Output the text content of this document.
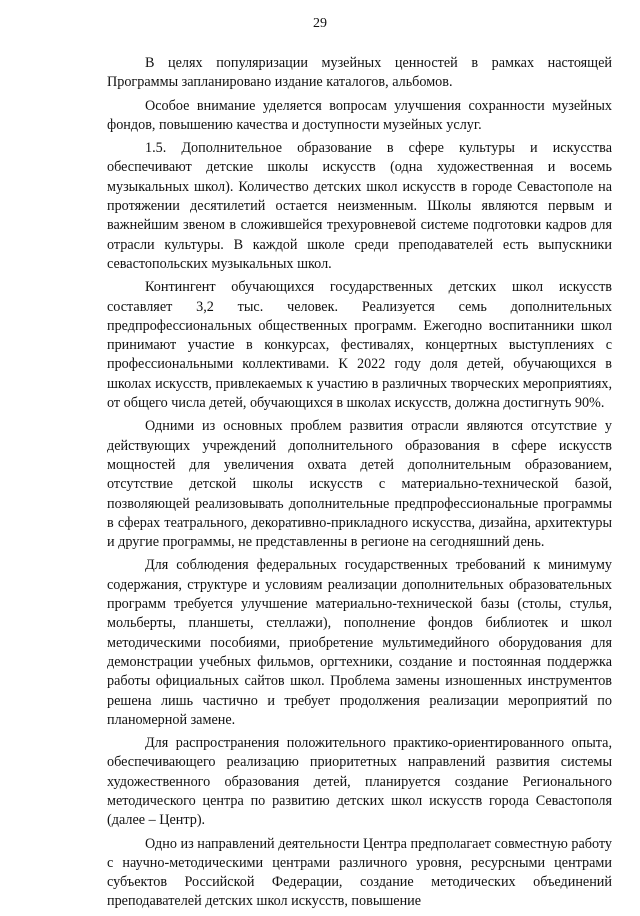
29

В целях популяризации музейных ценностей в рамках настоящей Программы запланировано издание каталогов, альбомов.

Особое внимание уделяется вопросам улучшения сохранности музейных фондов, повышению качества и доступности музейных услуг.

1.5. Дополнительное образование в сфере культуры и искусства обеспечивают детские школы искусств (одна художественная и восемь музыкальных школ). Количество детских школ искусств в городе Севастополе на протяжении десятилетий остается неизменным. Школы являются первым и важнейшим звеном в сложившейся трехуровневой системе подготовки кадров для отрасли культуры. В каждой школе среди преподавателей есть выпускники севастопольских музыкальных школ.

Контингент обучающихся государственных детских школ искусств составляет 3,2 тыс. человек. Реализуется семь дополнительных предпрофессиональных общественных программ. Ежегодно воспитанники школ принимают участие в конкурсах, фестивалях, концертных выступлениях с профессиональными коллективами. К 2022 году доля детей, обучающихся в школах искусств, привлекаемых к участию в различных творческих мероприятиях, от общего числа детей, обучающихся в школах искусств, должна достигнуть 90%.

Одними из основных проблем развития отрасли являются отсутствие у действующих учреждений дополнительного образования в сфере искусств мощностей для увеличения охвата детей дополнительным образованием, отсутствие детской школы искусств с материально-технической базой, позволяющей реализовывать дополнительные предпрофессиональные программы в сферах театрального, декоративно-прикладного искусства, дизайна, архитектуры и другие программы, не представленны в регионе на сегодняшний день.

Для соблюдения федеральных государственных требований к минимуму содержания, структуре и условиям реализации дополнительных образовательных программ требуется улучшение материально-технической базы (столы, стулья, мольберты, планшеты, стеллажи), пополнение фондов библиотек и школ методическими пособиями, приобретение мультимедийного оборудования для демонстрации учебных фильмов, оргтехники, создание и постоянная поддержка работы официальных сайтов школ. Проблема замены изношенных инструментов решена лишь частично и требует продолжения реализации мероприятий по планомерной замене.

Для распространения положительного практико-ориентированного опыта, обеспечивающего реализацию приоритетных направлений развития системы художественного образования детей, планируется создание Регионального методического центра по развитию детских школ искусств города Севастополя (далее – Центр).

Одно из направлений деятельности Центра предполагает совместную работу с научно-методическими центрами различного уровня, ресурсными центрами субъектов Российской Федерации, создание методических объединений преподавателей детских школ искусств, повышение
